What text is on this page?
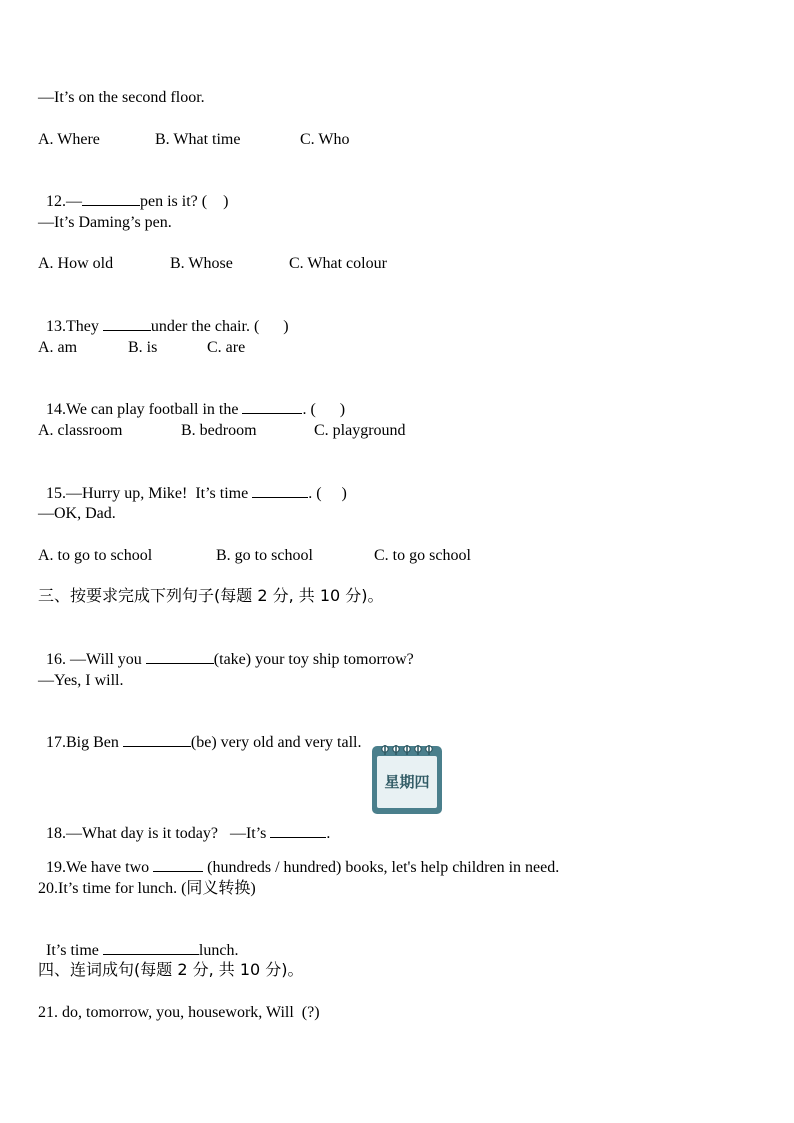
—It’s on the second floor.
A. Where	B. What time	C. Who

12.—	pen is it? (    )

—It’s Daming’s pen.
A. How old	B. Whose	C. What colour

13.They	under the chair. (      )

A. am	B. is	C. are

14.We can play football in the	. (      )

A. classroom	B. bedroom	C. playground

15.—Hurry up, Mike!  It’s time	. (     )

—OK, Dad.
A. to go to school	B. go to school	C. to go school
三、按要求完成下列句子(每题 2 分, 共 10 分)。

16. —Will you	(take) your toy ship tomorrow?

—Yes, I will.

17.Big Ben	(be) very old and very tall.

星期四

18.—What day is it today?   —It’s	.

19.We have two	(hundreds / hundred) books, let's help children in need.

20.It’s time for lunch. (同义转换)

It’s time	lunch.

四、连词成句(每题 2 分, 共 10 分)。
21. do, tomorrow, you, housework, Will  (?)
